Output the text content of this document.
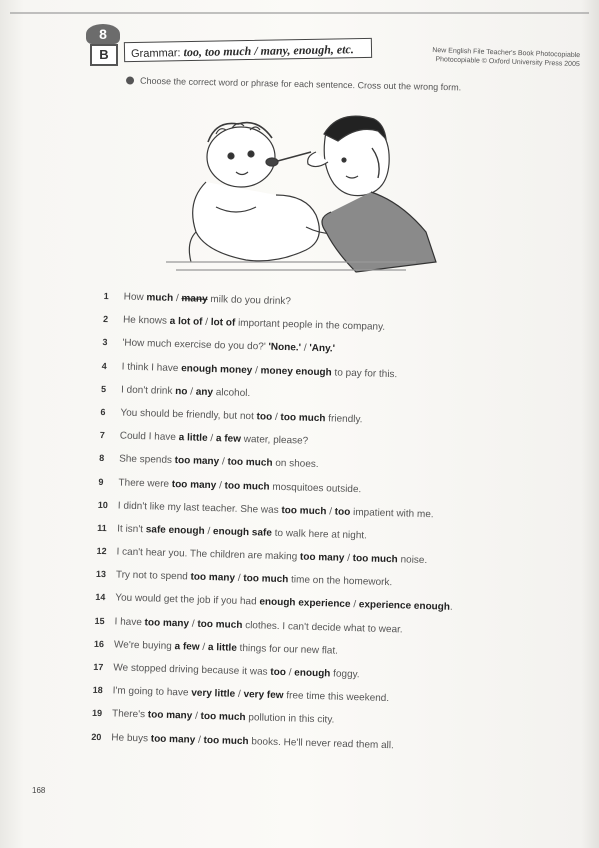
8
B	Grammar: too, too much / many, enough, etc.	New English File Teacher's Book Photocopiable
Photocopiable © Oxford University Press 2005
Choose the correct word or phrase for each sentence. Cross out the wrong form.
1 How much / many milk do you drink?
2 He knows a lot of / lot of important people in the company.
3 'How much exercise do you do?' 'None.' / 'Any.'
4 I think I have enough money / money enough to pay for this.
5 I don't drink no / any alcohol.
6 You should be friendly, but not too / too much friendly.
7 Could I have a little / a few water, please?
8 She spends too many / too much on shoes.
9 There were too many / too much mosquitoes outside.
10 I didn't like my last teacher. She was too much / too impatient with me.
11 It isn't safe enough / enough safe to walk here at night.
12 I can't hear you. The children are making too many / too much noise.
13 Try not to spend too many / too much time on the homework.
14 You would get the job if you had enough experience / experience enough.
15 I have too many / too much clothes. I can't decide what to wear.
16 We're buying a few / a little things for our new flat.
17 We stopped driving because it was too / enough foggy.
18 I'm going to have very little / very few free time this weekend.
19 There's too many / too much pollution in this city.
20 He buys too many / too much books. He'll never read them all.
168
